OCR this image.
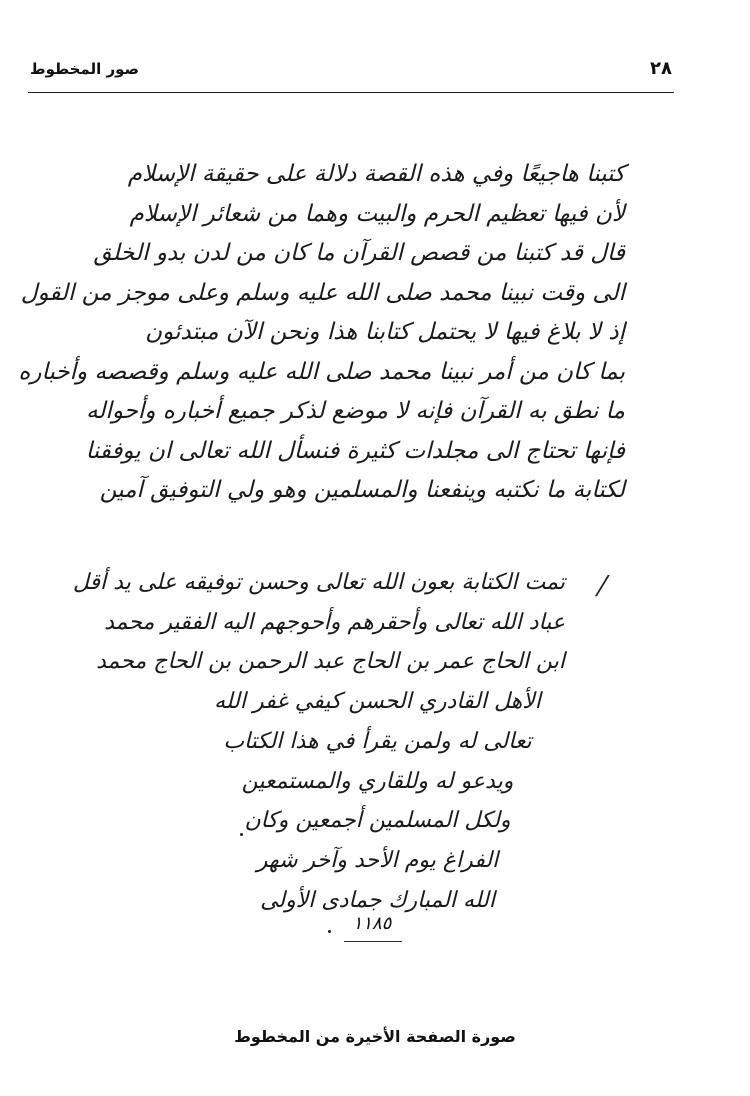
صور المخطوط	٢٨
كتبنا هاجيعًا وفي هذه القصة دلالة على حقيقة الإسلام
لأن فيها تعظيم الحرم والبيت وهما من شعائر الإسلام
قال قد كتبنا من قصص القرآن ما كان من لدن بدو الخلق
الى وقت نبينا محمد صلى الله عليه وسلم وعلى موجز من القول
إذ لا بلاغ فيها لا يحتمل كتابنا هذا ونحن الآن مبتدئون
بما كان من أمر نبينا محمد صلى الله عليه وسلم وقصصه وأخباره
ما نطق به القرآن فإنه لا موضع لذكر جميع أخباره وأحواله
فإنها تحتاج الى مجلدات كثيرة فنسأل الله تعالى ان يوفقنا
لكتابة ما نكتبه وينفعنا والمسلمين وهو ولي التوفيق آمين
⁄
تمت الكتابة بعون الله تعالى وحسن توفيقه على يد أقل
عباد الله تعالى وأحقرهم وأحوجهم اليه الفقير محمد
ابن الحاج عمر بن الحاج عبد الرحمن بن الحاج محمد
الأهل القادري الحسن كيفي غفر الله
تعالى له ولمن يقرأ في هذا الكتاب
ويدعو له وللقاري والمستمعين
ولكل المسلمين أجمعين وكان
الفراغ يوم الأحد وآخر شهر
الله المبارك جمادى الأولى
١١٨٥
صورة الصفحة الأخيرة من المخطوط
